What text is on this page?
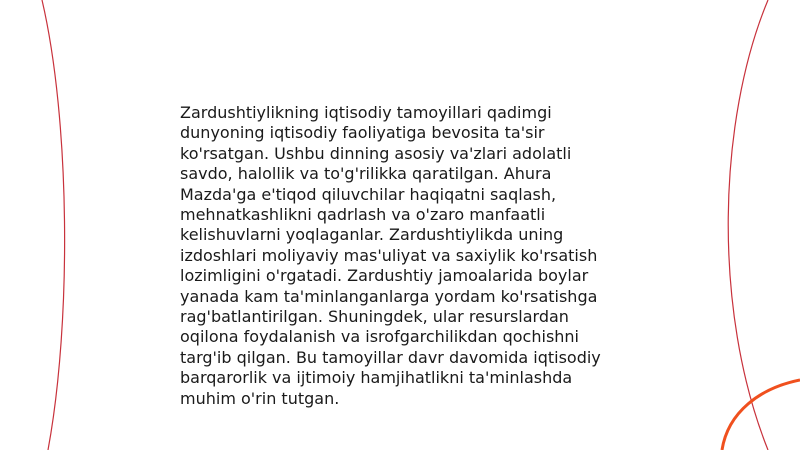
Zardushtiylikning iqtisodiy tamoyillari qadimgi
dunyoning iqtisodiy faoliyatiga bevosita ta'sir
ko'rsatgan. Ushbu dinning asosiy va'zlari adolatli
savdo, halollik va to'g'rilikka qaratilgan. Ahura
Mazda'ga e'tiqod qiluvchilar haqiqatni saqlash,
mehnatkashlikni qadrlash va o'zaro manfaatli
kelishuvlarni yoqlaganlar. Zardushtiylikda uning
izdoshlari moliyaviy mas'uliyat va saxiylik ko'rsatish
lozimligini o'rgatadi. Zardushtiy jamoalarida boylar
yanada kam ta'minlanganlarga yordam ko'rsatishga
rag'batlantirilgan. Shuningdek, ular resurslardan
oqilona foydalanish va isrofgarchilikdan qochishni
targ'ib qilgan. Bu tamoyillar davr davomida iqtisodiy
barqarorlik va ijtimoiy hamjihatlikni ta'minlashda
muhim o'rin tutgan.
